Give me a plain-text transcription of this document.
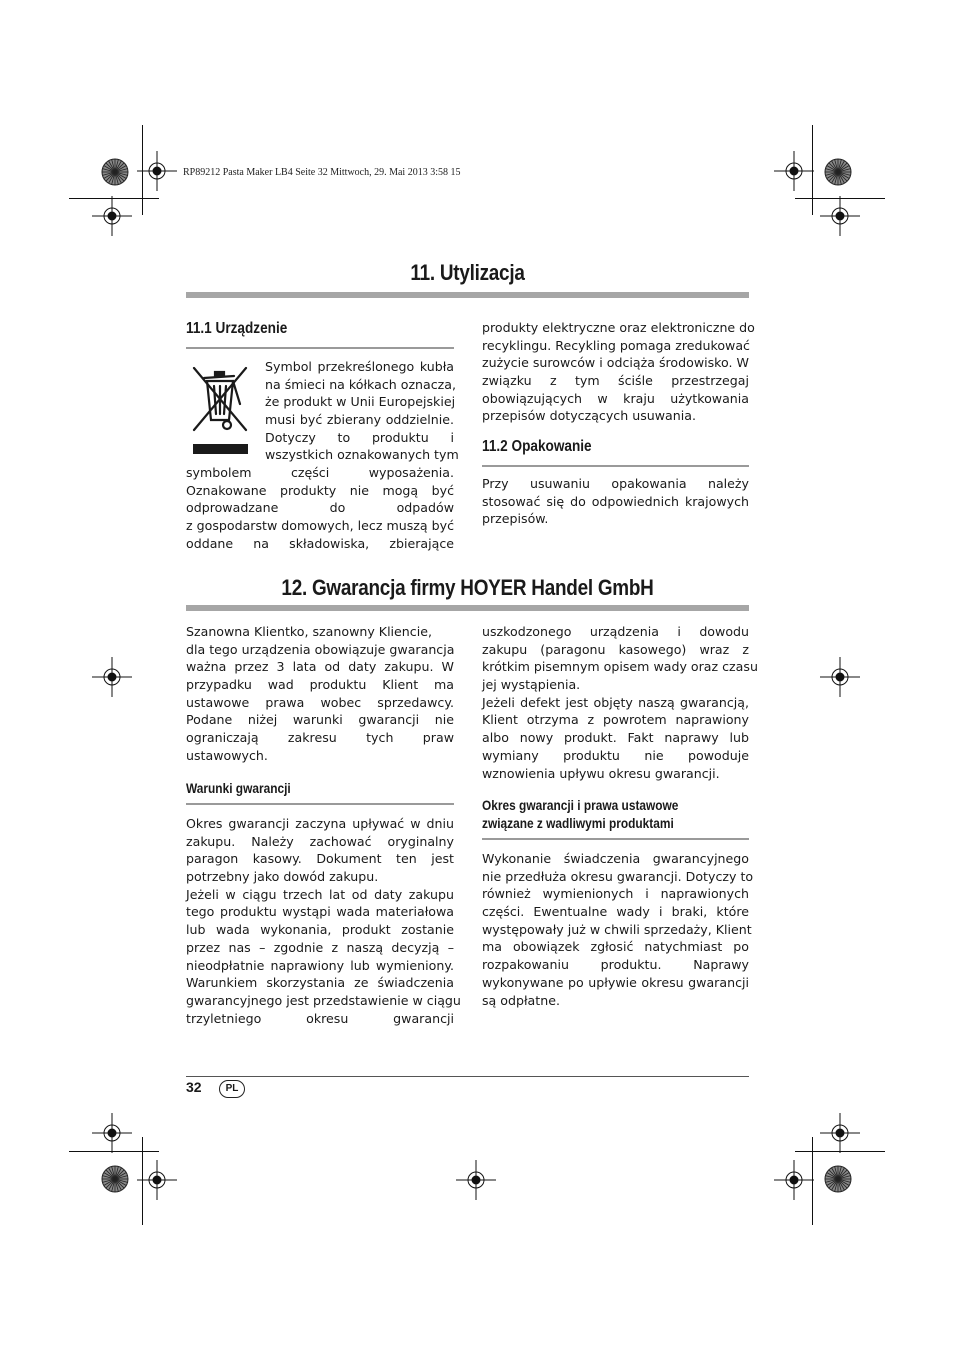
RP89212 Pasta Maker LB4 Seite 32 Mittwoch, 29. Mai 2013 3:58 15
11. Utylizacja
11.1 Urządzenie
Symbol przekreślonego kubła
na śmieci na kółkach oznacza,
że produkt w Unii Europejskiej
musi być zbierany oddzielnie.
Dotyczy to produktu i
wszystkich oznakowanych tym
symbolem części wyposażenia.
Oznakowane produkty nie mogą być
odprowadzane do odpadów
z gospodarstw domowych, lecz muszą być
oddane na składowiska, zbierające
produkty elektryczne oraz elektroniczne do
recyklingu. Recykling pomaga zredukować
zużycie surowców i odciąża środowisko. W
związku z tym ściśle przestrzegaj
obowiązujących w kraju użytkowania
przepisów dotyczących usuwania.
11.2 Opakowanie
Przy usuwaniu opakowania należy
stosować się do odpowiednich krajowych
przepisów.
12. Gwarancja firmy HOYER Handel GmbH
Szanowna Klientko, szanowny Kliencie,
dla tego urządzenia obowiązuje gwarancja
ważna przez 3 lata od daty zakupu. W
przypadku wad produktu Klient ma
ustawowe prawa wobec sprzedawcy.
Podane niżej warunki gwarancji nie
ograniczają zakresu tych praw
ustawowych.
Warunki gwarancji
Okres gwarancji zaczyna upływać w dniu
zakupu. Należy zachować oryginalny
paragon kasowy. Dokument ten jest
potrzebny jako dowód zakupu.
Jeżeli w ciągu trzech lat od daty zakupu
tego produktu wystąpi wada materiałowa
lub wada wykonania, produkt zostanie
przez nas – zgodnie z naszą decyzją –
nieodpłatnie naprawiony lub wymieniony.
Warunkiem skorzystania ze świadczenia
gwarancyjnego jest przedstawienie w ciągu
trzyletniego okresu gwarancji
uszkodzonego urządzenia i dowodu
zakupu (paragonu kasowego) wraz z
krótkim pisemnym opisem wady oraz czasu
jej wystąpienia.
Jeżeli defekt jest objęty naszą gwarancją,
Klient otrzyma z powrotem naprawiony
albo nowy produkt. Fakt naprawy lub
wymiany produktu nie powoduje
wznowienia upływu okresu gwarancji.
Okres gwarancji i prawa ustawowe
związane z wadliwymi produktami
Wykonanie świadczenia gwarancyjnego
nie przedłuża okresu gwarancji. Dotyczy to
również wymienionych i naprawionych
części. Ewentualne wady i braki, które
występowały już w chwili sprzedaży, Klient
ma obowiązek zgłosić natychmiast po
rozpakowaniu produktu. Naprawy
wykonywane po upływie okresu gwarancji
są odpłatne.
32	PL
